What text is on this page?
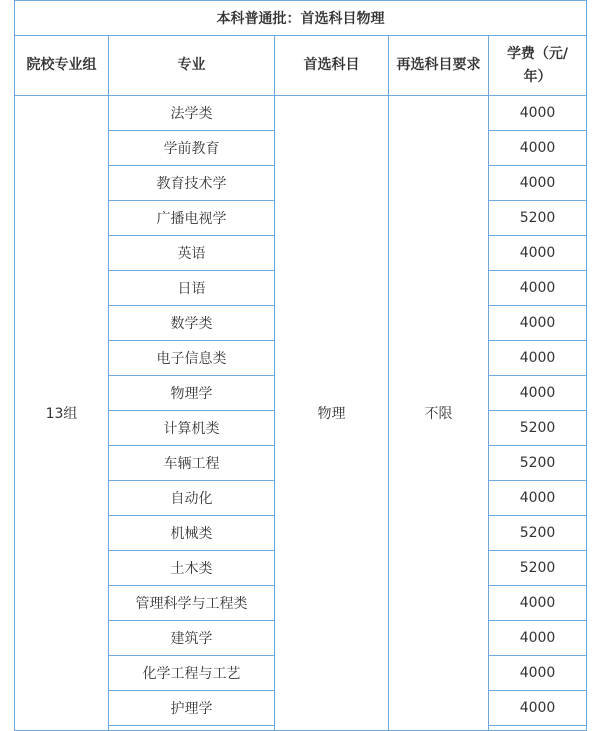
本科普通批：首选科目物理				
院校专业组	专业	首选科目	再选科目要求	学费（元/年）

13组	法学类	物理	不限	4000
	学前教育			4000
	教育技术学			4000
	广播电视学			5200
	英语			4000
	日语			4000
	数学类			4000
	电子信息类			4000
	物理学			4000
	计算机类			5200
	车辆工程			5200
	自动化			4000
	机械类			5200
	土木类			5200
	管理科学与工程类			4000
	建筑学			4000
	化学工程与工艺			4000
	护理学			4000
